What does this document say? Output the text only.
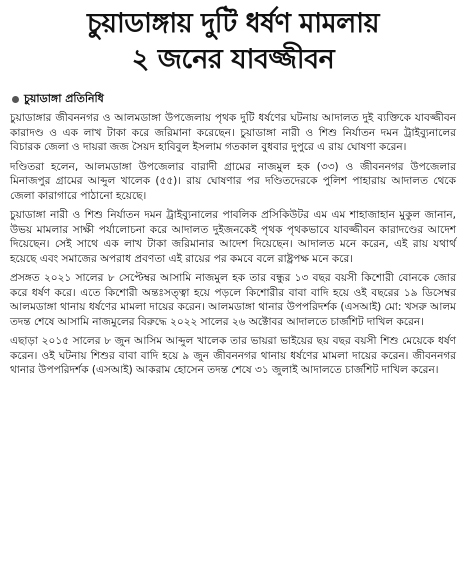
চুয়াডাঙ্গায় দুটি ধর্ষণ মামলায়
২ জনের যাবজ্জীবন
চুয়াডাঙ্গা প্রতিনিধি

চুয়াডাঙ্গার জীবননগর ও আলমডাঙ্গা উপজেলায় পৃথক দুটি ধর্ষণের ঘটনায় আদালত দুই ব্যক্তিকে যাবজ্জীবন কারাদণ্ড ও এক লাখ টাকা করে জরিমানা করেছেন। চুয়াডাঙ্গা নারী ও শিশু নির্যাতন দমন ট্রাইব্যুনালের বিচারক জেলা ও দায়রা জজ সৈয়দ হাবিবুল ইসলাম গতকাল বুধবার দুপুরে এ রায় ঘোষণা করেন।

দণ্ডিতরা হলেন, আলমডাঙ্গা উপজেলার বারাদী গ্রামের নাজমুল হক (৩৩) ও জীবননগর উপজেলার মিনাজপুর গ্রামের আব্দুল খালেক (৫৫)। রায় ঘোষণার পর দণ্ডিতদেরকে পুলিশ পাহারায় আদালত থেকে জেলা কারাগারে পাঠানো হয়েছে।

চুয়াডাঙ্গা নারী ও শিশু নির্যাতন দমন ট্রাইব্যুনালের পাবলিক প্রসিকিউটর এম এম শাহাজাহান মুকুল জানান, উভয় মামলার সাক্ষী পর্যালোচনা করে আদালত দুইজনকেই পৃথক পৃথকভাবে যাবজ্জীবন কারাদণ্ডের আদেশ দিয়েছেন। সেই সাথে এক লাখ টাকা জরিমানার আদেশ দিয়েছেন। আদালত মনে করেন, এই রায় যথার্থ হয়েছে এবং সমাজের অপরাধ প্রবণতা এই রায়ের পর কমবে বলে রাষ্ট্রপক্ষ মনে করে।

প্রসঙ্গত ২০২১ সালের ৮ সেপ্টেম্বর আসামি নাজমুল হক তার বন্ধুর ১৩ বছর বয়সী কিশোরী বোনকে জোর করে ধর্ষণ করে। এতে কিশোরী অন্তঃসত্ত্বা হয়ে পড়লে কিশোরীর বাবা বাদি হয়ে ওই বছরের ১৯ ডিসেম্বর আলমডাঙ্গা থানায় ধর্ষণের মামলা দায়ের করেন। আলমডাঙ্গা থানার উপপরিদর্শক (এসআই) মো: খসরু আলম তদন্ত শেষে আসামি নাজমুলের বিরুদ্ধে ২০২২ সালের ২৬ অক্টোবর আদালতে চার্জশিট দাখিল করেন।

এছাড়া ২০১৫ সালের ৮ জুন আসিম আব্দুল খালেক তার ভায়রা ভাইয়ের ছয় বছর বয়সী শিশু মেয়েকে ধর্ষণ করেন। ওই ঘটনায় শিশুর বাবা বাদি হয়ে ৯ জুন জীবননগর থানায় ধর্ষণের মামলা দায়ের করেন। জীবননগর থানার উপপরিদর্শক (এসআই) আকরাম হোসেন তদন্ত শেষে ৩১ জুলাই আদালতে চার্জশিট দাখিল করেন।
